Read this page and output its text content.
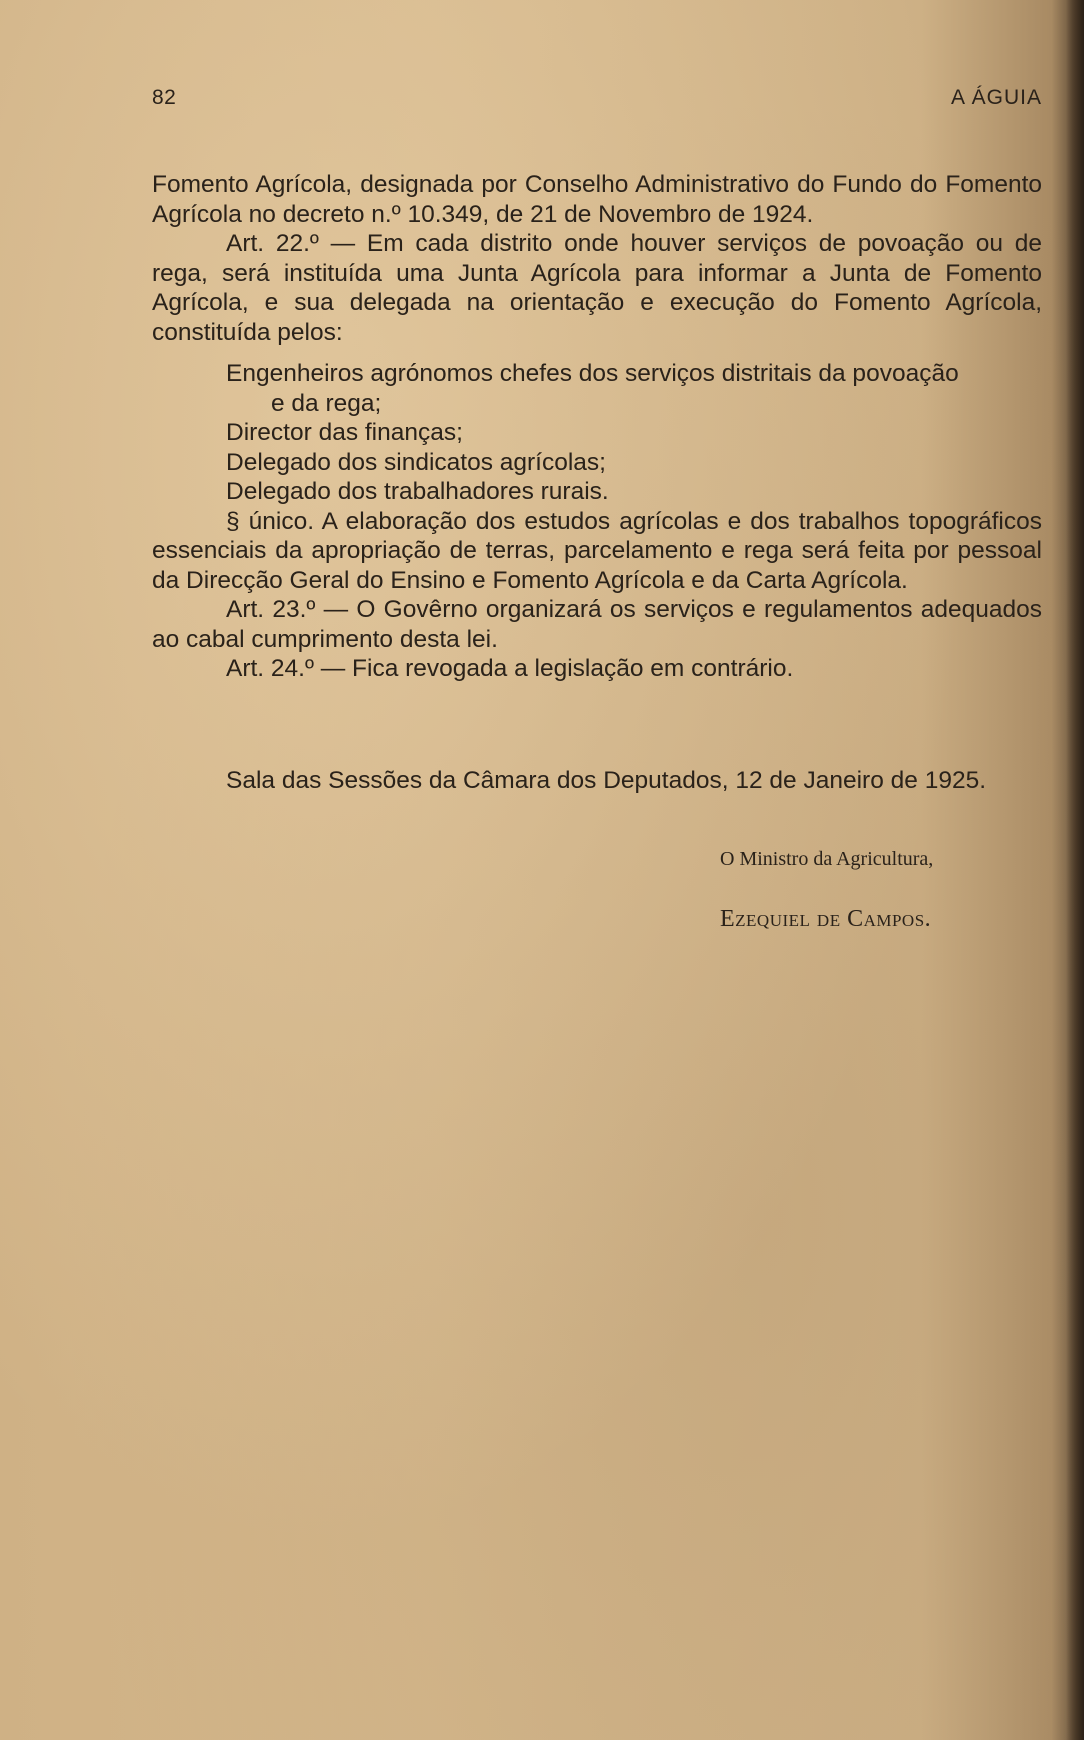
82	A ÁGUIA

Fomento Agrícola, designada por Conselho Administrativo do Fundo do Fomento Agrícola no decreto n.º 10.349, de 21 de Novembro de 1924.

Art. 22.º — Em cada distrito onde houver serviços de povoação ou de rega, será instituída uma Junta Agrícola para informar a Junta de Fomento Agrícola, e sua delegada na orientação e execução do Fomento Agrícola, constituída pelos:

Engenheiros agrónomos chefes dos serviços distritais da povoação
e da rega;
Director das finanças;
Delegado dos sindicatos agrícolas;
Delegado dos trabalhadores rurais.

§ único. A elaboração dos estudos agrícolas e dos trabalhos topográficos essenciais da apropriação de terras, parcelamento e rega será feita por pessoal da Direcção Geral do Ensino e Fomento Agrícola e da Carta Agrícola.

Art. 23.º — O Govêrno organizará os serviços e regulamentos adequados ao cabal cumprimento desta lei.

Art. 24.º — Fica revogada a legislação em contrário.

Sala das Sessões da Câmara dos Deputados, 12 de Janeiro de 1925.
O Ministro da Agricultura,
Ezequiel de Campos.
